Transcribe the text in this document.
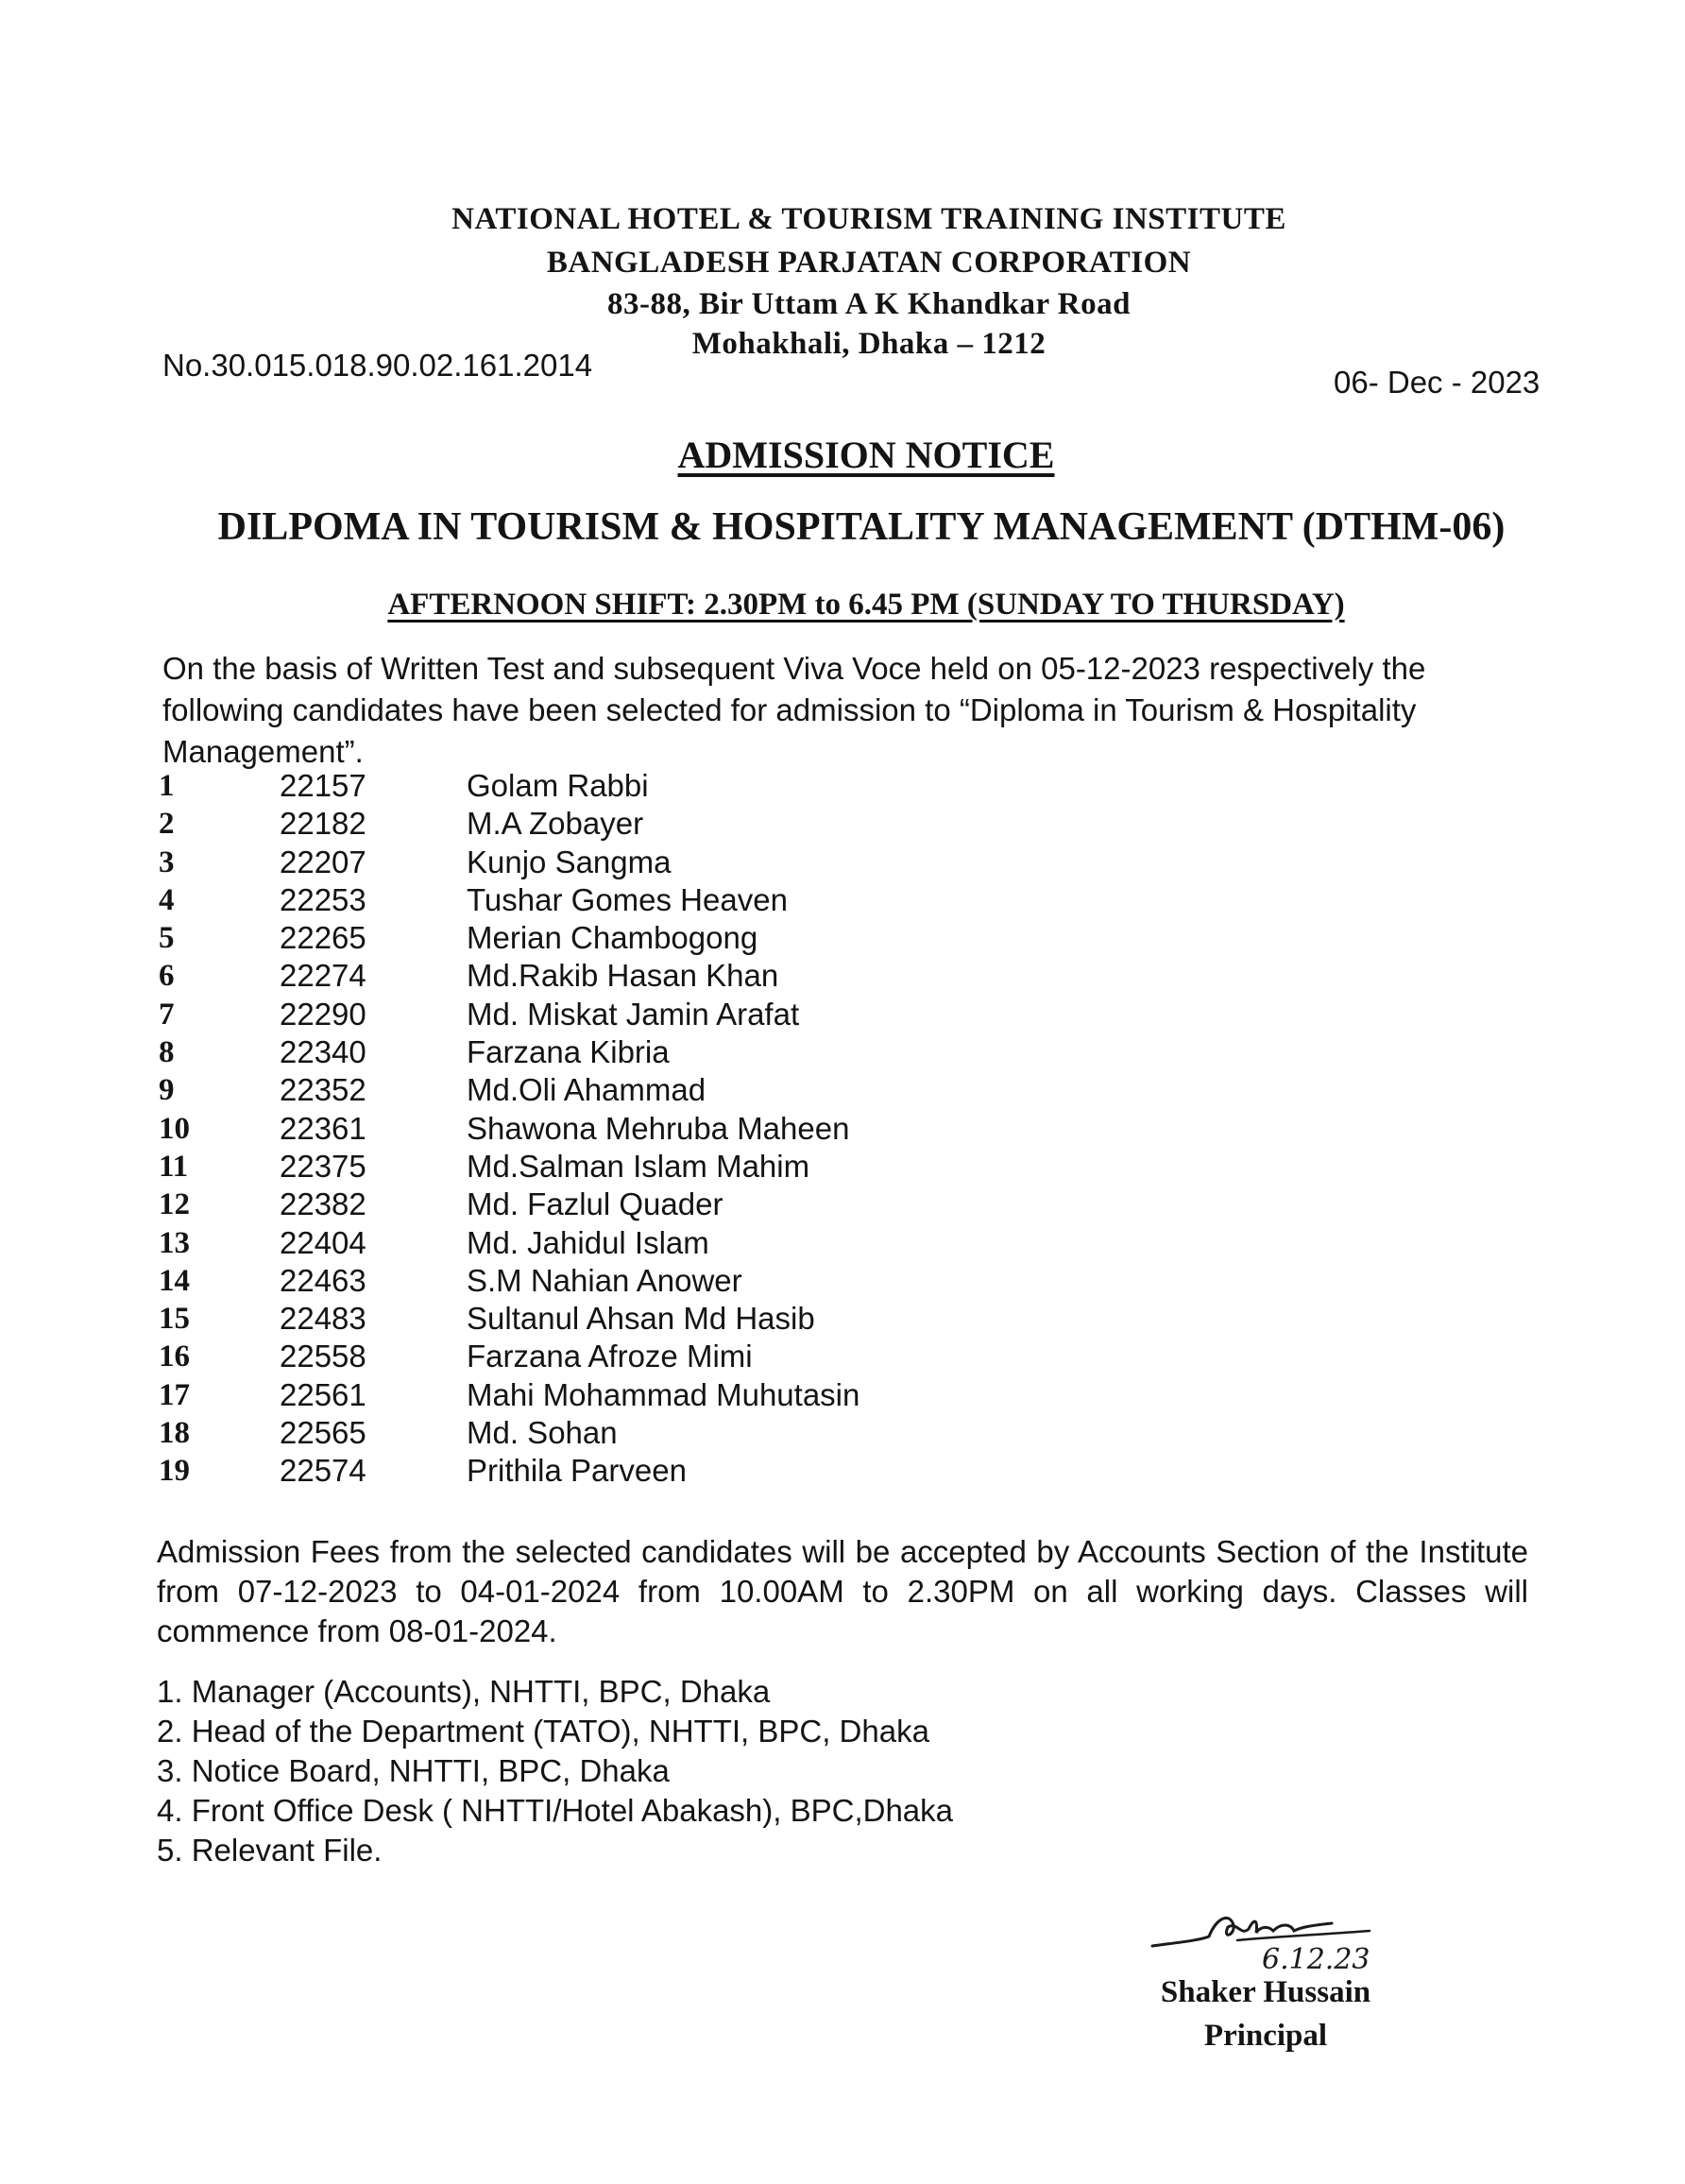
NATIONAL HOTEL & TOURISM TRAINING INSTITUTE
BANGLADESH PARJATAN CORPORATION
83-88, Bir Uttam A K Khandkar Road
Mohakhali, Dhaka – 1212
No.30.015.018.90.02.161.2014	06- Dec - 2023
ADMISSION NOTICE
DILPOMA IN TOURISM & HOSPITALITY MANAGEMENT (DTHM-06)
AFTERNOON SHIFT: 2.30PM to 6.45 PM (SUNDAY TO THURSDAY)
On the basis of Written Test and subsequent Viva Voce held on 05-12-2023 respectively the following candidates have been selected for admission to “Diploma in Tourism & Hospitality Management”.
1	22157	Golam Rabbi
2	22182	M.A Zobayer
3	22207	Kunjo Sangma
4	22253	Tushar Gomes Heaven
5	22265	Merian Chambogong
6	22274	Md.Rakib Hasan Khan
7	22290	Md. Miskat Jamin Arafat
8	22340	Farzana Kibria
9	22352	Md.Oli Ahammad
10	22361	Shawona Mehruba Maheen
11	22375	Md.Salman Islam Mahim
12	22382	Md. Fazlul Quader
13	22404	Md. Jahidul Islam
14	22463	S.M Nahian Anower
15	22483	Sultanul Ahsan Md Hasib
16	22558	Farzana Afroze Mimi
17	22561	Mahi Mohammad Muhutasin
18	22565	Md. Sohan
19	22574	Prithila Parveen
Admission Fees from the selected candidates will be accepted by Accounts Section of the Institute from 07-12-2023 to 04-01-2024 from 10.00AM to 2.30PM on all working days. Classes will commence from 08-01-2024.
1. Manager (Accounts), NHTTI, BPC, Dhaka
2. Head of the Department (TATO), NHTTI, BPC, Dhaka
3. Notice Board, NHTTI, BPC, Dhaka
4. Front Office Desk ( NHTTI/Hotel Abakash), BPC,Dhaka
5. Relevant File.
6.12.23
Shaker Hussain
Principal
